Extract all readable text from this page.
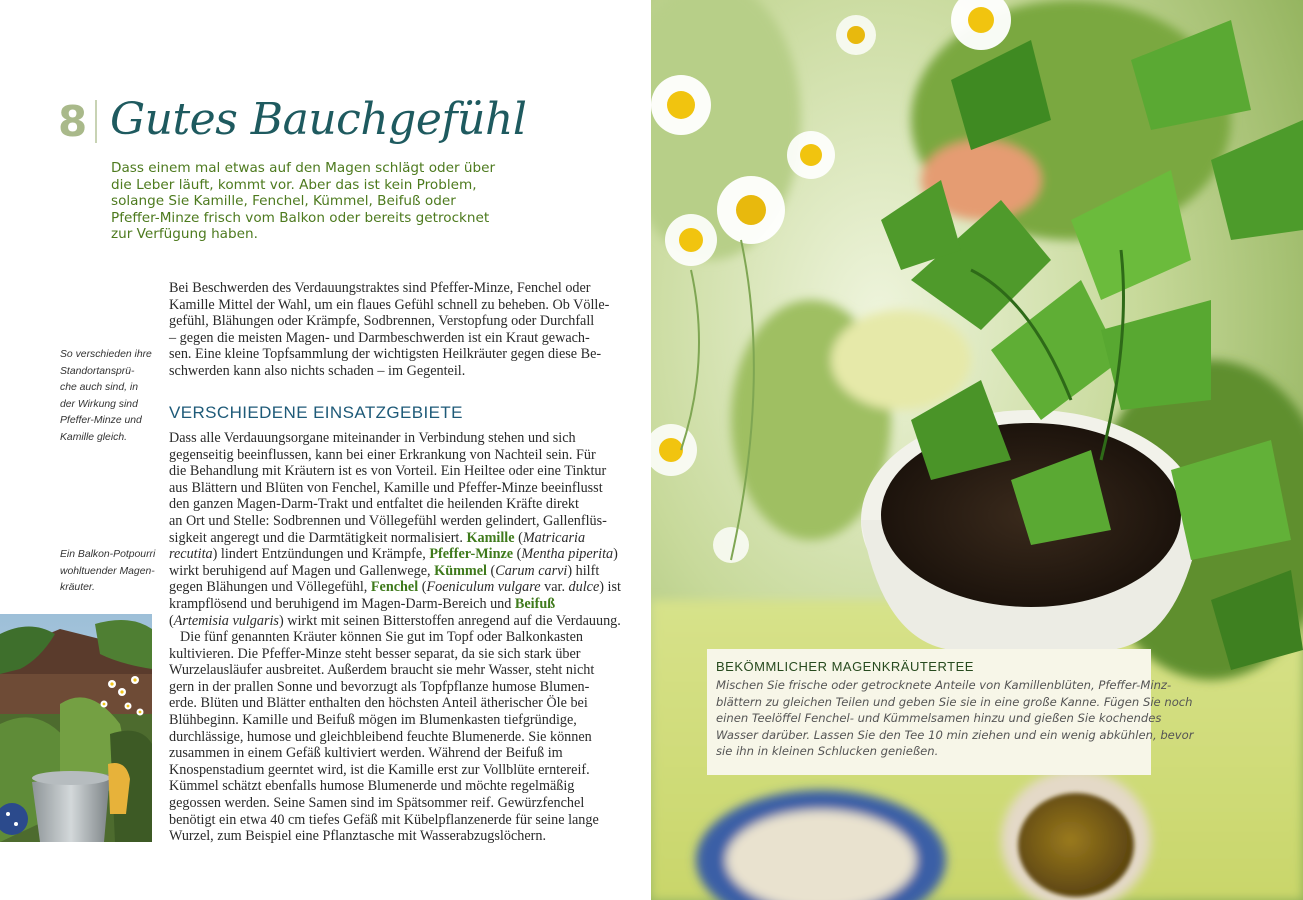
8 Gutes Bauchgefühl
Dass einem mal etwas auf den Magen schlägt oder über
die Leber läuft, kommt vor. Aber das ist kein Problem,
solange Sie Kamille, Fenchel, Kümmel, Beifuß oder
Pfeffer-Minze frisch vom Balkon oder bereits getrocknet
zur Verfügung haben.
Bei Beschwerden des Verdauungstraktes sind Pfeffer-Minze, Fenchel oder
Kamille Mittel der Wahl, um ein flaues Gefühl schnell zu beheben. Ob Völle-
gefühl, Blähungen oder Krämpfe, Sodbrennen, Verstopfung oder Durchfall
– gegen die meisten Magen- und Darmbeschwerden ist ein Kraut gewach-
sen. Eine kleine Topfsammlung der wichtigsten Heilkräuter gegen diese Be-
schwerden kann also nichts schaden – im Gegenteil.
VERSCHIEDENE EINSATZGEBIETE
Dass alle Verdauungsorgane miteinander in Verbindung stehen und sich
gegenseitig beeinflussen, kann bei einer Erkrankung von Nachteil sein. Für
die Behandlung mit Kräutern ist es von Vorteil. Ein Heiltee oder eine Tinktur
aus Blättern und Blüten von Fenchel, Kamille und Pfeffer-Minze beeinflusst
den ganzen Magen-Darm-Trakt und entfaltet die heilenden Kräfte direkt
an Ort und Stelle: Sodbrennen und Völlegefühl werden gelindert, Gallenflüs-
sigkeit angeregt und die Darmtätigkeit normalisiert. Kamille (Matricaria
recutita) lindert Entzündungen und Krämpfe, Pfeffer-Minze (Mentha piperita)
wirkt beruhigend auf Magen und Gallenwege, Kümmel (Carum carvi) hilft
gegen Blähungen und Völlegefühl, Fenchel (Foeniculum vulgare var. dulce) ist
krampflösend und beruhigend im Magen-Darm-Bereich und Beifuß
(Artemisia vulgaris) wirkt mit seinen Bitterstoffen anregend auf die Verdauung.
Die fünf genannten Kräuter können Sie gut im Topf oder Balkonkasten
kultivieren. Die Pfeffer-Minze steht besser separat, da sie sich stark über
Wurzelausläufer ausbreitet. Außerdem braucht sie mehr Wasser, steht nicht
gern in der prallen Sonne und bevorzugt als Topfpflanze humose Blumen-
erde. Blüten und Blätter enthalten den höchsten Anteil ätherischer Öle bei
Blühbeginn. Kamille und Beifuß mögen im Blumenkasten tiefgründige,
durchlässige, humose und gleichbleibend feuchte Blumenerde. Sie können
zusammen in einem Gefäß kultiviert werden. Während der Beifuß im
Knospenstadium geerntet wird, ist die Kamille erst zur Vollblüte erntereif.
Kümmel schätzt ebenfalls humose Blumenerde und möchte regelmäßig
gegossen werden. Seine Samen sind im Spätsommer reif. Gewürzfenchel
benötigt ein etwa 40 cm tiefes Gefäß mit Kübelpflanzenerde für seine lange
Wurzel, zum Beispiel eine Pflanztasche mit Wasserabzugslöchern.
So verschieden ihre
Standortansprü-
che auch sind, in
der Wirkung sind
Pfeffer-Minze und
Kamille gleich.
Ein Balkon-Potpourri
wohltuender Magen-
kräuter.
BEKÖMMLICHER MAGENKRÄUTERTEE
Mischen Sie frische oder getrocknete Anteile von Kamillenblüten, Pfeffer-Minz-
blättern zu gleichen Teilen und geben Sie sie in eine große Kanne. Fügen Sie noch
einen Teelöffel Fenchel- und Kümmelsamen hinzu und gießen Sie kochendes
Wasser darüber. Lassen Sie den Tee 10 min ziehen und ein wenig abkühlen, bevor
sie ihn in kleinen Schlucken genießen.
